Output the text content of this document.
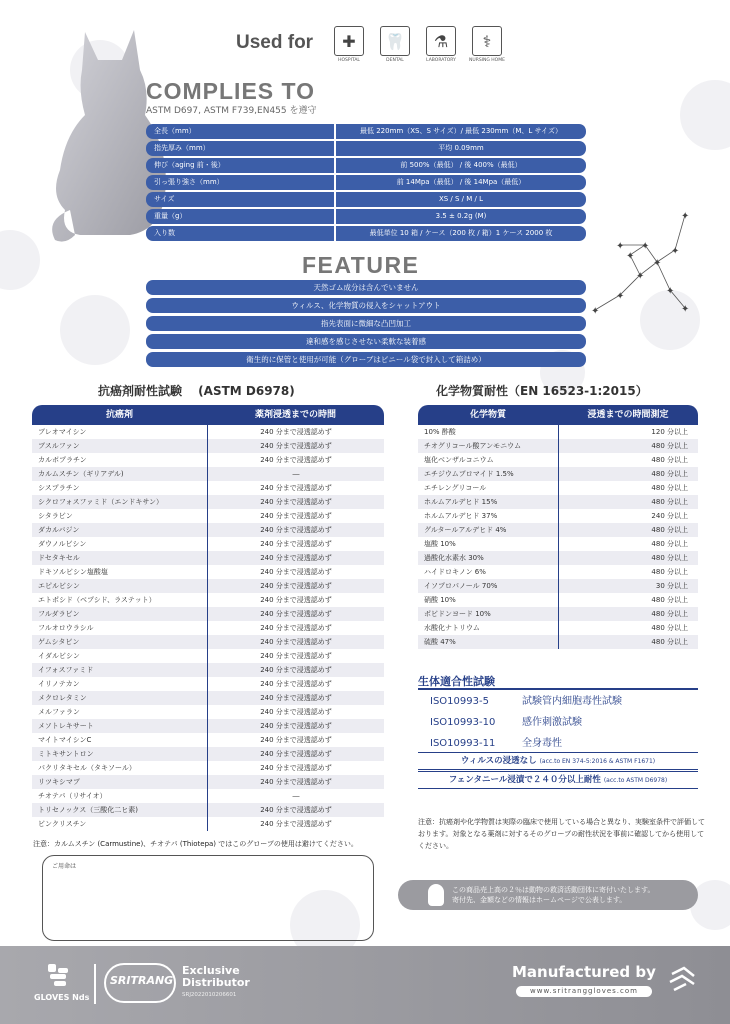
✦
✦
✦
✦
✦
✦
✦
✦
✦
✦
✦
Used for	✚
HOSPITAL
🦷
DENTAL
⚗
LABORATORY
⚕
NURSING HOME
COMPLIES TO
ASTM D697, ASTM F739,EN455 を遵守
全長（mm）	最低 220mm（XS、S サイズ）/ 最低 230mm（M、L サイズ）
指先厚み（mm）	平均 0.09mm
伸び（aging 前・後）	前 500%（最低） / 後 400%（最低）
引っ張り強さ（mm）	前 14Mpa（最低） / 後 14Mpa（最低）
サイズ	XS / S / M / L
重量（g）	3.5 ± 0.2g (M)
入り数	最低単位 10 箱 / ケース（200 枚 / 箱）1 ケース 2000 枚
FEATURE
天然ゴム成分は含んでいません
ウィルス、化学物質の侵入をシャットアウト
指先表面に微細な凸凹加工
違和感を感じさせない柔軟な装着感
衛生的に保管と使用が可能（グローブはビニール袋で封入して箱詰め）
抗癌剤耐性試験　 (ASTM D6978)
抗癌剤	薬剤浸透までの時間
ブレオマイシン	240 分まで浸透認めず
ブスルファン	240 分まで浸透認めず
カルボプラチン	240 分まで浸透認めず
カルムスチン（ギリアデル)	―
シスプラチン	240 分まで浸透認めず
シクロフォスファミド（エンドキサン）	240 分まで浸透認めず
シタラビン	240 分まで浸透認めず
ダカルバジン	240 分まで浸透認めず
ダウノルビシン	240 分まで浸透認めず
ドセタキセル	240 分まで浸透認めず
ドキソルビシン塩酸塩	240 分まで浸透認めず
エピルビシン	240 分まで浸透認めず
エトポシド（ベプシド、ラステット）	240 分まで浸透認めず
フルダラビン	240 分まで浸透認めず
フルオロウラシル	240 分まで浸透認めず
ゲムシタビン	240 分まで浸透認めず
イダルビシン	240 分まで浸透認めず
イフォスファミド	240 分まで浸透認めず
イリノテカン	240 分まで浸透認めず
メクロレタミン	240 分まで浸透認めず
メルファラン	240 分まで浸透認めず
メソトレキサート	240 分まで浸透認めず
マイトマイシンC	240 分まで浸透認めず
ミトキサントロン	240 分まで浸透認めず
パクリタキセル（タキソール）	240 分まで浸透認めず
リツキシマブ	240 分まで浸透認めず
チオテパ（リサイオ）	―
トリセノックス（三酸化二ヒ素)	240 分まで浸透認めず
ビンクリスチン	240 分まで浸透認めず
注意：カルムスチン (Carmustine)、チオテパ (Thiotepa) ではこのグローブの使用は避けてください。
化学物質耐性（EN 16523-1:2015）
化学物質	浸透までの時間測定
10% 酢酸	120 分以上
チオグリコール酸アンモニウム	480 分以上
塩化ベンザルコニウム	480 分以上
エチジウムブロマイド 1.5%	480 分以上
エチレングリコール	480 分以上
ホルムアルデヒド 15%	480 分以上
ホルムアルデヒド 37%	240 分以上
グルタールアルデヒド 4%	480 分以上
塩酸 10%	480 分以上
過酸化水素水 30%	480 分以上
ハイドロキノン 6%	480 分以上
イソプロパノール 70%	30 分以上
硝酸 10%	480 分以上
ポビドンヨード 10%	480 分以上
水酸化ナトリウム	480 分以上
硫酸 47%	480 分以上
生体適合性試験
ISO10993-5	試験管内細胞毒性試験
ISO10993-10	感作刺激試験
ISO10993-11	全身毒性
ウィルスの浸透なし (acc.to EN 374-5:2016 & ASTM F1671)
フェンタニール浸漬で２４０分以上耐性 (acc.to ASTM D6978)
注意：抗癌剤や化学物質は実際の臨床で使用している場合と異なり、実験室条件で評価しております。対象となる薬剤に対するそのグローブの耐性状況を事前に確認してから使用してください。
ご用命は
この商品売上高の２％は動物の救済活動団体に寄付いたします。
寄付先、金額などの情報はホームページで公表します。
GLOVES Nds
SRITRANG
Exclusive
Distributor
SRJ2022010206601
Manufactured by
www.sritranggloves.com
